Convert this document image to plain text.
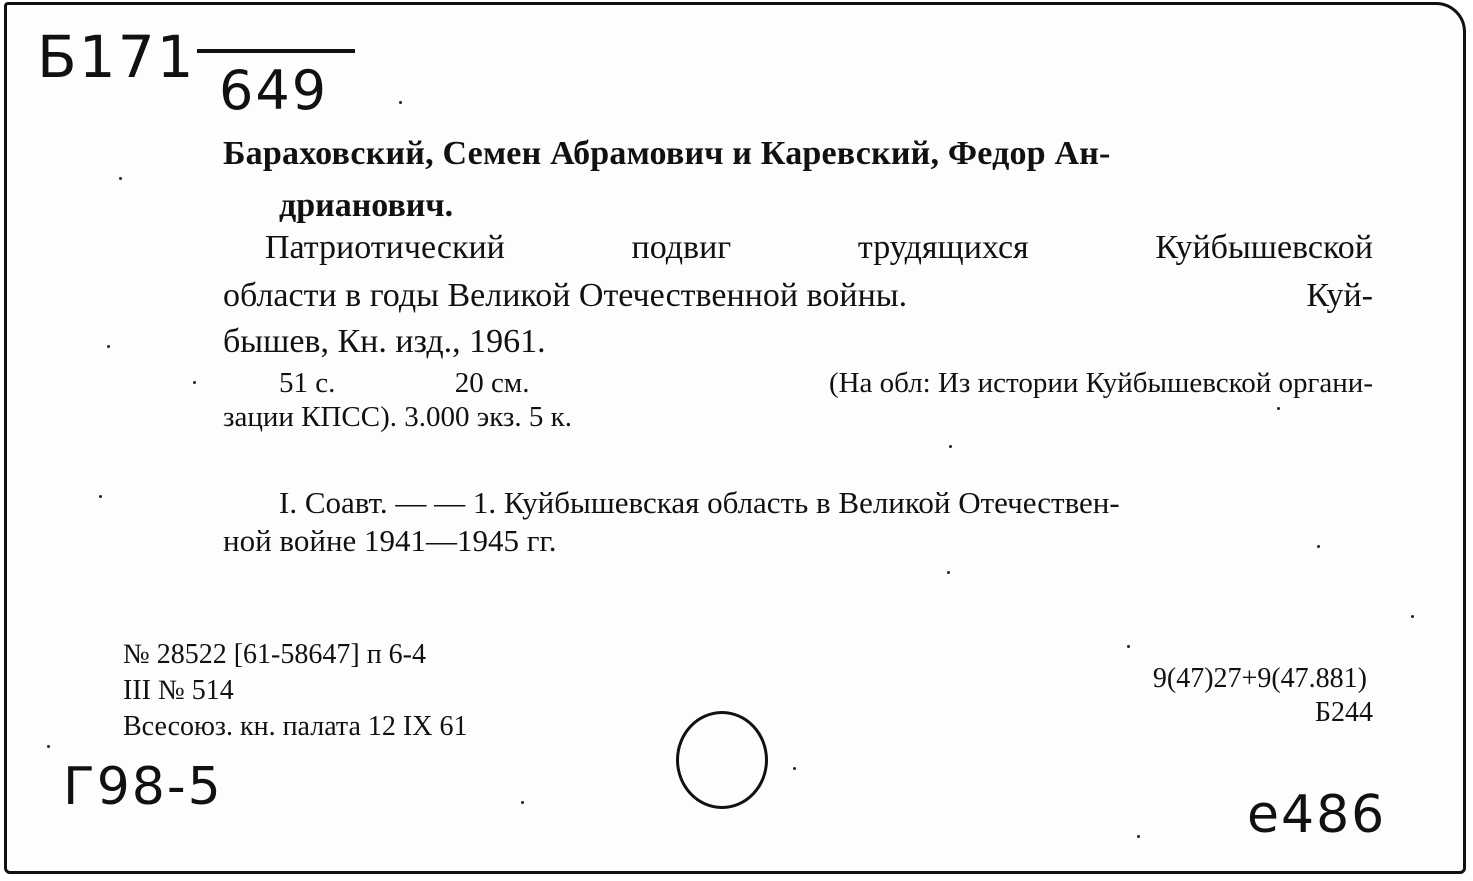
Б171 649
Бараховский, Семен Абрамович и Каревский, Федор Ан-
дрианович.
Патриотический	подвиг	трудящихся	Куйбышевской
области в годы Великой Отечественной войны.	Куй-
бышев, Кн. изд., 1961.
51 с.	20 см.	(На обл: Из истории Куйбышевской органи-
зации КПСС). 3.000 экз. 5 к.
I. Соавт. — — 1. Куйбышевская область в Великой Отечествен-
ной войне 1941—1945 гг.
№ 28522 [61-58647] п 6-4
III № 514
Всесоюз. кн. палата 12 IX 61
9(47)27+9(47.881)
Б244
Г98-5	е486
